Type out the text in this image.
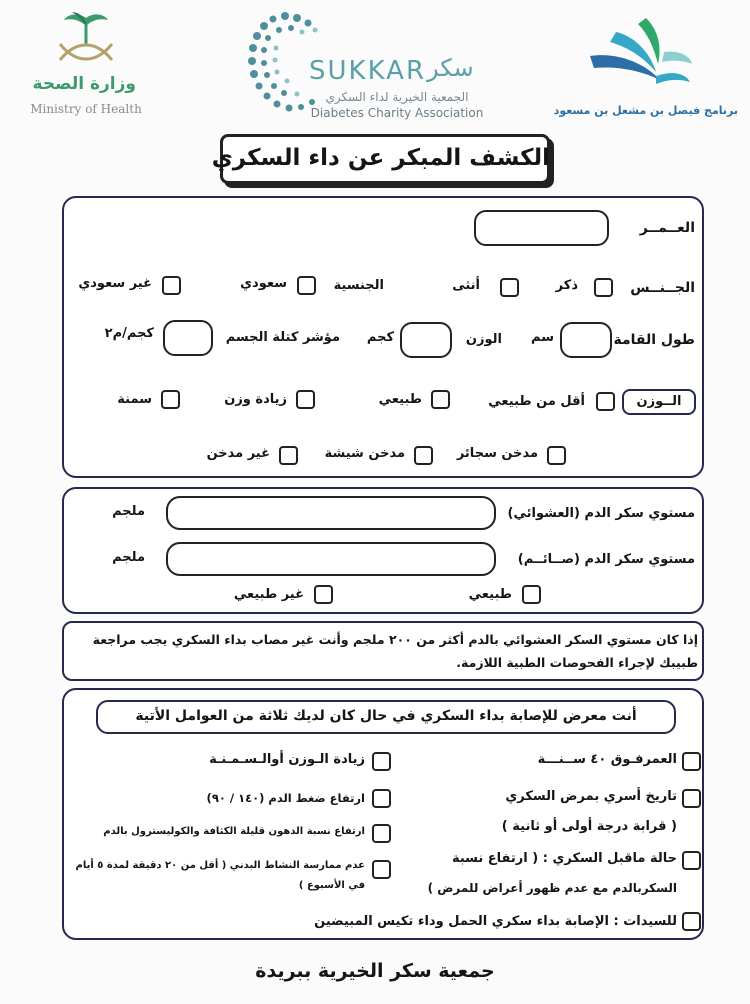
وزارة الصحة
Ministry of Health
SUKKAR سكر
الجمعية الخيرية لداء السكري
Diabetes Charity Association	برنامج فيصل بن مشعل بن مسعود
الكشف المبكر عن داء السكري
العــمــر
الجــنــس
ذكر
أنثى
الجنسية
سعودي
غير سعودي
طول القامة
سم
الوزن
كجم
مؤشر كتلة الجسم
كجم/م٢
الــوزن
أقل من طبيعي
طبيعي
زيادة وزن
سمنة
مدخن سجائر
مدخن شيشة
غير مدخن
مستوي سكر الدم (العشوائي)
ملجم
مستوي سكر الدم (صــائــم)
ملجم
طبيعي
غير طبيعي
إذا كان مستوي السكر العشوائي بالدم أكثر من ٢٠٠ ملجم وأنت غير مصاب بداء السكري يجب مراجعة
طبيبك لإجراء الفحوصات الطبية اللازمة.
أنت معرض للإصابة بداء السكري في حال كان لديك ثلاثة من العوامل الأتية
العمرفـوق ٤٠ ســنـــة
زيادة الـوزن أوالـسـمـنـة
تاريخ أسري بمرض السكري
( قرابة درجة أولى أو ثانية )
ارتفاع ضغط الدم (١٤٠ / ٩٠)
ارتفاع نسبة الدهون قليلة الكثافة والكوليسترول بالدم
حالة ماقبل السكري : ( ارتفاع نسبة
السكربالدم مع عدم ظهور أعراض للمرض )
عدم ممارسة النشاط البدني ( أقل من ٢٠ دقيقة لمدة ٥ أيام
في الأسبوع )
للسيدات : الإصابة بداء سكري الحمل وداء تكيس المبيضين
جمعية سكر الخيرية ببريدة
